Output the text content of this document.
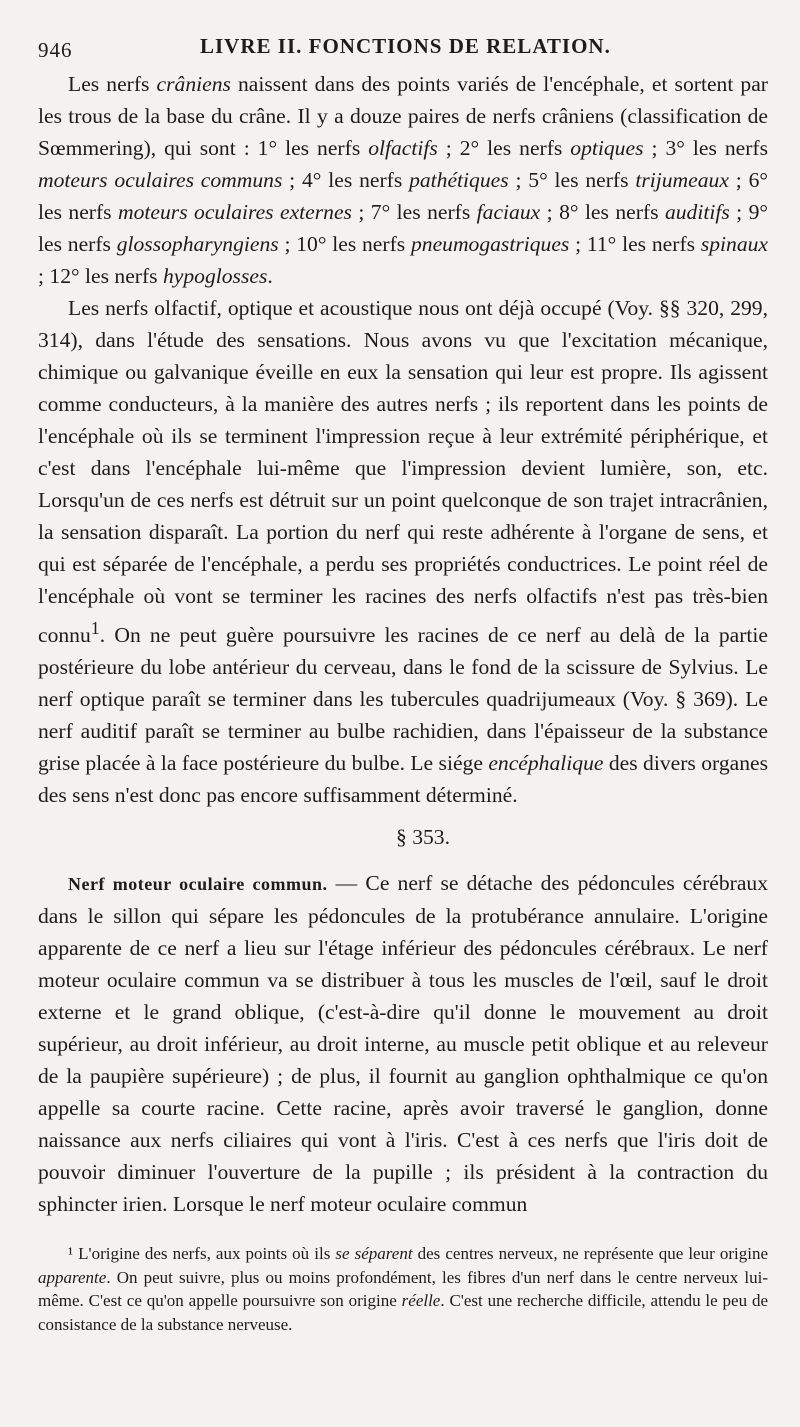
946	LIVRE II. FONCTIONS DE RELATION.

Les nerfs crâniens naissent dans des points variés de l'encéphale, et sortent par les trous de la base du crâne. Il y a douze paires de nerfs crâniens (classification de Sœmmering), qui sont : 1° les nerfs olfactifs ; 2° les nerfs optiques ; 3° les nerfs moteurs oculaires communs ; 4° les nerfs pathétiques ; 5° les nerfs trijumeaux ; 6° les nerfs moteurs oculaires externes ; 7° les nerfs faciaux ; 8° les nerfs auditifs ; 9° les nerfs glossopharyngiens ; 10° les nerfs pneumogastriques ; 11° les nerfs spinaux ; 12° les nerfs hypoglosses.

Les nerfs olfactif, optique et acoustique nous ont déjà occupé (Voy. §§ 320, 299, 314), dans l'étude des sensations. Nous avons vu que l'excitation mécanique, chimique ou galvanique éveille en eux la sensation qui leur est propre. Ils agissent comme conducteurs, à la manière des autres nerfs ; ils reportent dans les points de l'encéphale où ils se terminent l'impression reçue à leur extrémité périphérique, et c'est dans l'encéphale lui-même que l'impression devient lumière, son, etc. Lorsqu'un de ces nerfs est détruit sur un point quelconque de son trajet intracrânien, la sensation disparaît. La portion du nerf qui reste adhérente à l'organe de sens, et qui est séparée de l'encéphale, a perdu ses propriétés conductrices. Le point réel de l'encéphale où vont se terminer les racines des nerfs olfactifs n'est pas très-bien connu$^1$. On ne peut guère poursuivre les racines de ce nerf au delà de la partie postérieure du lobe antérieur du cerveau, dans le fond de la scissure de Sylvius. Le nerf optique paraît se terminer dans les tubercules quadrijumeaux (Voy. § 369). Le nerf auditif paraît se terminer au bulbe rachidien, dans l'épaisseur de la substance grise placée à la face postérieure du bulbe. Le siége encéphalique des divers organes des sens n'est donc pas encore suffisamment déterminé.

§ 353.

Nerf moteur oculaire commun. — Ce nerf se détache des pédoncules cérébraux dans le sillon qui sépare les pédoncules de la protubérance annulaire. L'origine apparente de ce nerf a lieu sur l'étage inférieur des pédoncules cérébraux. Le nerf moteur oculaire commun va se distribuer à tous les muscles de l'œil, sauf le droit externe et le grand oblique, (c'est-à-dire qu'il donne le mouvement au droit supérieur, au droit inférieur, au droit interne, au muscle petit oblique et au releveur de la paupière supérieure) ; de plus, il fournit au ganglion ophthalmique ce qu'on appelle sa courte racine. Cette racine, après avoir traversé le ganglion, donne naissance aux nerfs ciliaires qui vont à l'iris. C'est à ces nerfs que l'iris doit de pouvoir diminuer l'ouverture de la pupille ; ils président à la contraction du sphincter irien. Lorsque le nerf moteur oculaire commun

¹ L'origine des nerfs, aux points où ils se séparent des centres nerveux, ne représente que leur origine apparente. On peut suivre, plus ou moins profondément, les fibres d'un nerf dans le centre nerveux lui-même. C'est ce qu'on appelle poursuivre son origine réelle. C'est une recherche difficile, attendu le peu de consistance de la substance nerveuse.
